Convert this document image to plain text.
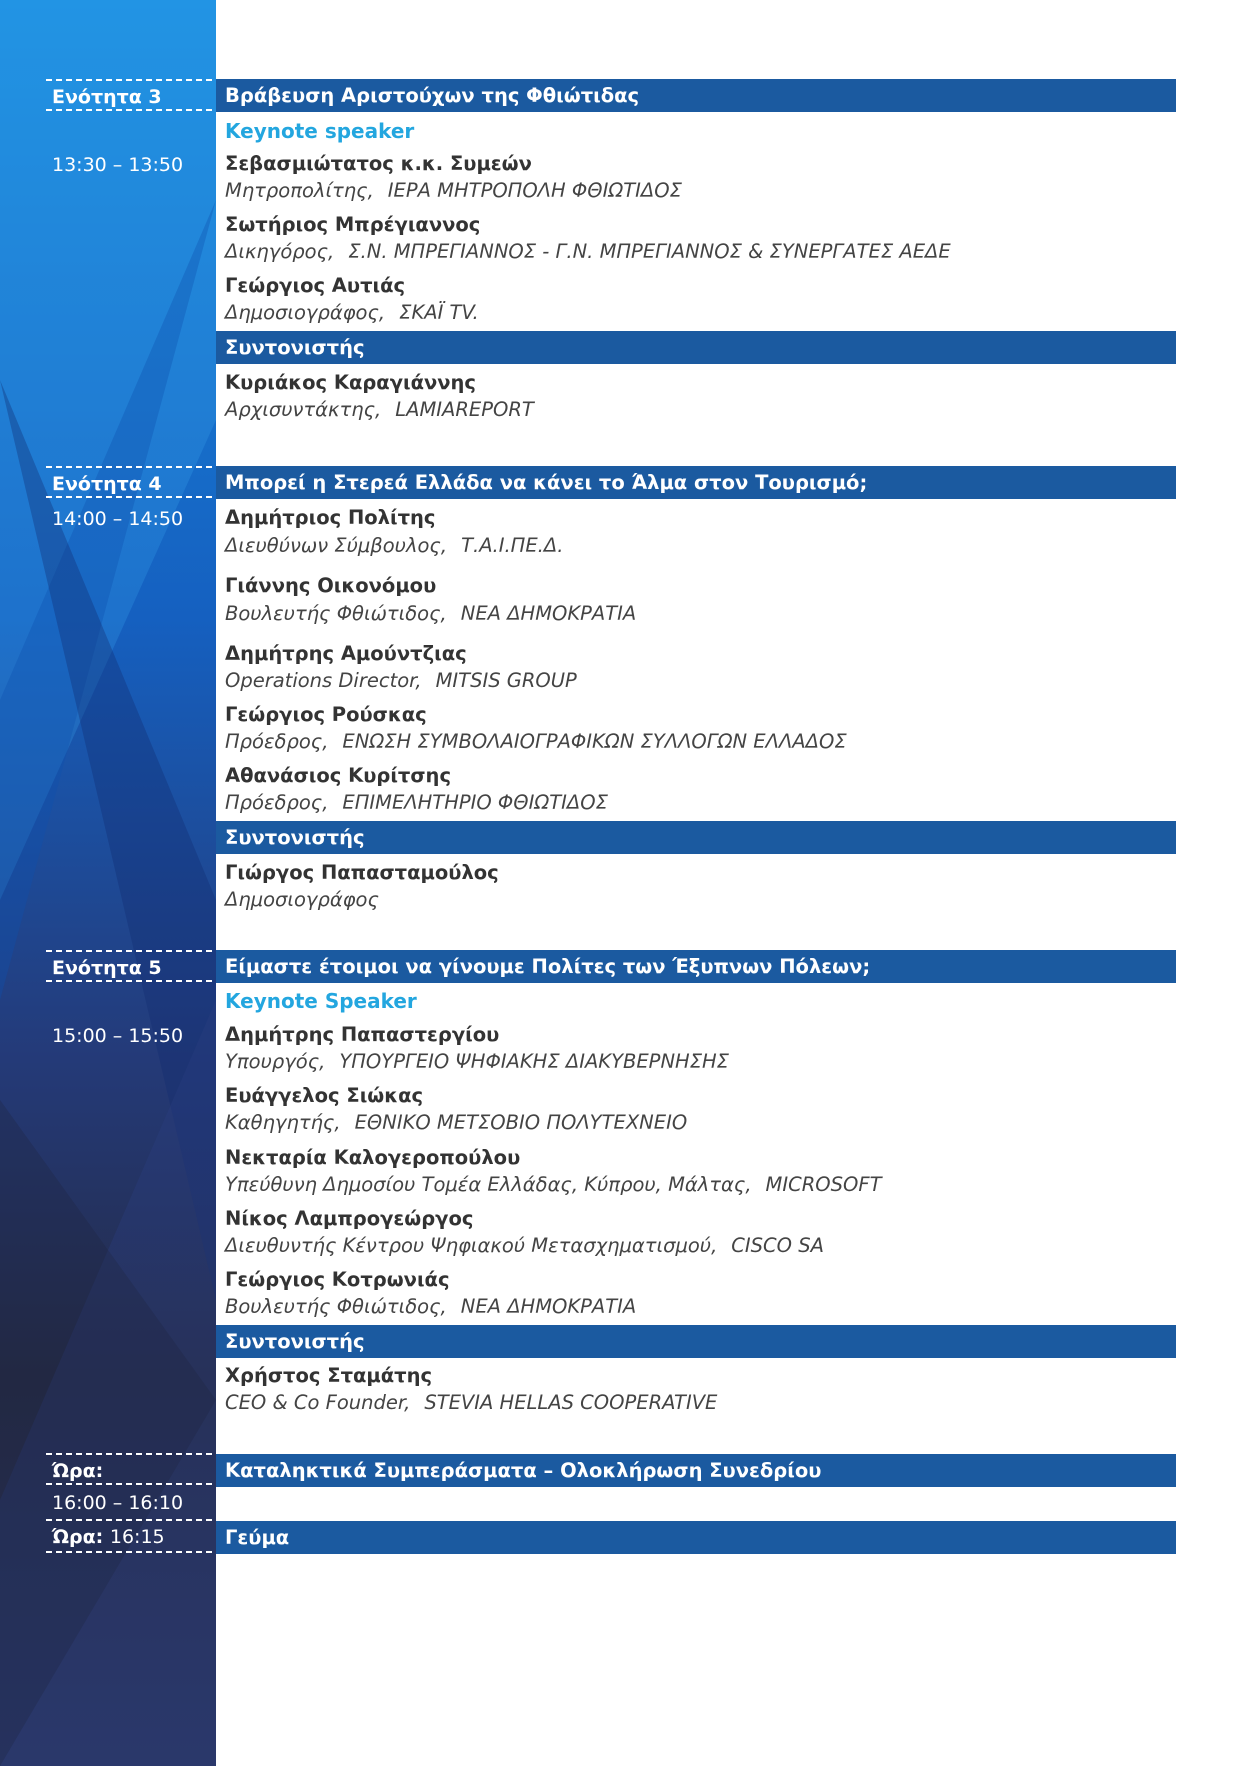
Ενότητα 3
13:30 – 13:50
Βράβευση Αριστούχων της Φθιώτιδας
Keynote speaker
Σεβασμιώτατος κ.κ. Συμεών
Μητροπολίτης, ΙΕΡΑ ΜΗΤΡΟΠΟΛΗ ΦΘΙΩΤΙΔΟΣ
Σωτήριος Μπρέγιαννος
Δικηγόρος, Σ.Ν. ΜΠΡΕΓΙΑΝΝΟΣ - Γ.Ν. ΜΠΡΕΓΙΑΝΝΟΣ & ΣΥΝΕΡΓΑΤΕΣ ΑΕΔΕ
Γεώργιος Αυτιάς
Δημοσιογράφος, ΣΚΑΪ TV.
Συντονιστής
Κυριάκος Καραγιάννης
Αρχισυντάκτης, LAMIAREPORT
Ενότητα 4
14:00 – 14:50
Μπορεί η Στερεά Ελλάδα να κάνει το Άλμα στον Τουρισμό;
Δημήτριος Πολίτης
Διευθύνων Σύμβουλος, Τ.Α.Ι.ΠΕ.Δ.
Γιάννης Οικονόμου
Βουλευτής Φθιώτιδος, ΝΕΑ ΔΗΜΟΚΡΑΤΙΑ
Δημήτρης Αμούντζιας
Operations Director, MITSIS GROUP
Γεώργιος Ρούσκας
Πρόεδρος, ΕΝΩΣΗ ΣΥΜΒΟΛΑΙΟΓΡΑΦΙΚΩΝ ΣΥΛΛΟΓΩΝ ΕΛΛΑΔΟΣ
Αθανάσιος Κυρίτσης
Πρόεδρος, ΕΠΙΜΕΛΗΤΗΡΙΟ ΦΘΙΩΤΙΔΟΣ
Συντονιστής
Γιώργος Παπασταμούλος
Δημοσιογράφος
Ενότητα 5
15:00 – 15:50
Είμαστε έτοιμοι να γίνουμε Πολίτες των Έξυπνων Πόλεων;
Keynote Speaker
Δημήτρης Παπαστεργίου
Υπουργός, ΥΠΟΥΡΓΕΙΟ ΨΗΦΙΑΚΗΣ ΔΙΑΚΥΒΕΡΝΗΣΗΣ
Ευάγγελος Σιώκας
Καθηγητής, ΕΘΝΙΚΟ ΜΕΤΣΟΒΙΟ ΠΟΛΥΤΕΧΝΕΙΟ
Νεκταρία Καλογεροπούλου
Υπεύθυνη Δημοσίου Τομέα Ελλάδας, Κύπρου, Μάλτας, MICROSOFT
Νίκος Λαμπρογεώργος
Διευθυντής Κέντρου Ψηφιακού Μετασχηματισμού, CISCO SA
Γεώργιος Κοτρωνιάς
Βουλευτής Φθιώτιδος, ΝΕΑ ΔΗΜΟΚΡΑΤΙΑ
Συντονιστής
Χρήστος Σταμάτης
CEO & Co Founder, STEVIA HELLAS COOPERATIVE
Ώρα:
16:00 – 16:10
Καταληκτικά Συμπεράσματα – Ολοκλήρωση Συνεδρίου
Ώρα: 16:15	Γεύμα
